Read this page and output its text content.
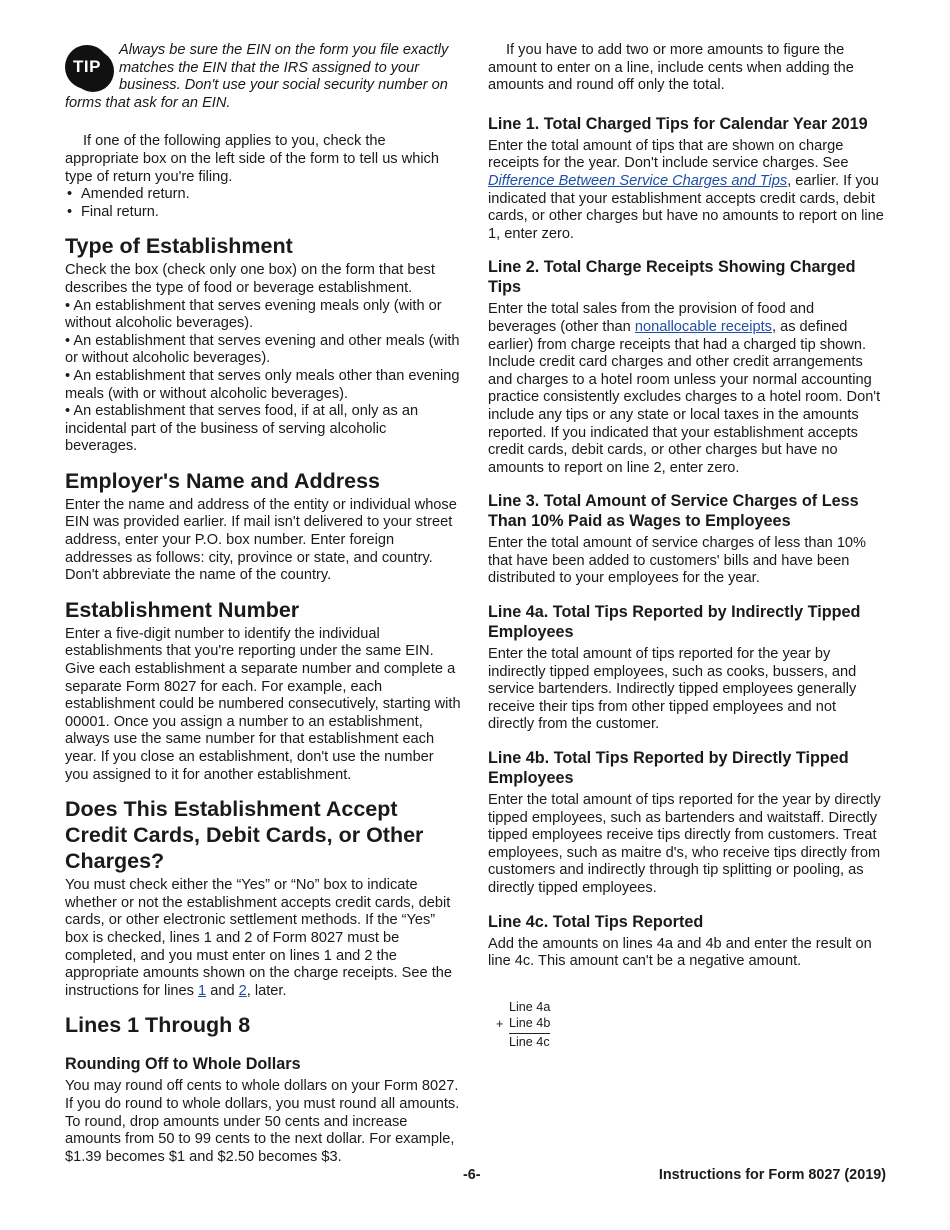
TIP

Always be sure the EIN on the form you file exactly matches the EIN that the IRS assigned to your business. Don't use your social security number on forms that ask for an EIN.

If one of the following applies to you, check the appropriate box on the left side of the form to tell us which type of return you're filing.

• Amended return.
• Final return.
Type of Establishment

Check the box (check only one box) on the form that best describes the type of food or beverage establishment.

• An establishment that serves evening meals only (with or without alcoholic beverages).
• An establishment that serves evening and other meals (with or without alcoholic beverages).
• An establishment that serves only meals other than evening meals (with or without alcoholic beverages).
• An establishment that serves food, if at all, only as an incidental part of the business of serving alcoholic beverages.
Employer's Name and Address

Enter the name and address of the entity or individual whose EIN was provided earlier. If mail isn't delivered to your street address, enter your P.O. box number. Enter foreign addresses as follows: city, province or state, and country. Don't abbreviate the name of the country.

Establishment Number

Enter a five-digit number to identify the individual establishments that you're reporting under the same EIN. Give each establishment a separate number and complete a separate Form 8027 for each. For example, each establishment could be numbered consecutively, starting with 00001. Once you assign a number to an establishment, always use the same number for that establishment each year. If you close an establishment, don't use the number you assigned to it for another establishment.

Does This Establishment Accept Credit Cards, Debit Cards, or Other Charges?

You must check either the “Yes” or “No” box to indicate whether or not the establishment accepts credit cards, debit cards, or other electronic settlement methods. If the “Yes” box is checked, lines 1 and 2 of Form 8027 must be completed, and you must enter on lines 1 and 2 the appropriate amounts shown on the charge receipts. See the instructions for lines 1 and 2, later.

Lines 1 Through 8
Rounding Off to Whole Dollars

You may round off cents to whole dollars on your Form 8027. If you do round to whole dollars, you must round all amounts. To round, drop amounts under 50 cents and increase amounts from 50 to 99 cents to the next dollar. For example, $1.39 becomes $1 and $2.50 becomes $3.

If you have to add two or more amounts to figure the amount to enter on a line, include cents when adding the amounts and round off only the total.

Line 1. Total Charged Tips for Calendar Year 2019

Enter the total amount of tips that are shown on charge receipts for the year. Don't include service charges. See Difference Between Service Charges and Tips, earlier. If you indicated that your establishment accepts credit cards, debit cards, or other charges but have no amounts to report on line 1, enter zero.

Line 2. Total Charge Receipts Showing Charged Tips

Enter the total sales from the provision of food and beverages (other than nonallocable receipts, as defined earlier) from charge receipts that had a charged tip shown. Include credit card charges and other credit arrangements and charges to a hotel room unless your normal accounting practice consistently excludes charges to a hotel room. Don't include any tips or any state or local taxes in the amounts reported. If you indicated that your establishment accepts credit cards, debit cards, or other charges but have no amounts to report on line 2, enter zero.

Line 3. Total Amount of Service Charges of Less Than 10% Paid as Wages to Employees

Enter the total amount of service charges of less than 10% that have been added to customers' bills and have been distributed to your employees for the year.

Line 4a. Total Tips Reported by Indirectly Tipped Employees

Enter the total amount of tips reported for the year by indirectly tipped employees, such as cooks, bussers, and service bartenders. Indirectly tipped employees generally receive their tips from other tipped employees and not directly from the customer.

Line 4b. Total Tips Reported by Directly Tipped Employees

Enter the total amount of tips reported for the year by directly tipped employees, such as bartenders and waitstaff. Directly tipped employees receive tips directly from customers. Treat employees, such as maitre d's, who receive tips directly from customers and indirectly through tip splitting or pooling, as directly tipped employees.

Line 4c. Total Tips Reported

Add the amounts on lines 4a and 4b and enter the result on line 4c. This amount can't be a negative amount.

Line 4a
+ Line 4b
Line 4c
-6-	Instructions for Form 8027 (2019)
